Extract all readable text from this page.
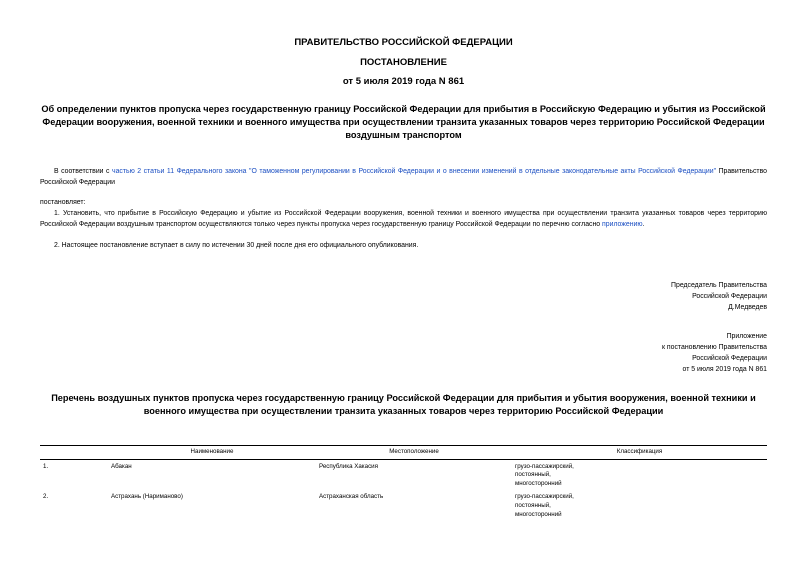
ПРАВИТЕЛЬСТВО РОССИЙСКОЙ ФЕДЕРАЦИИ
ПОСТАНОВЛЕНИЕ
от 5 июля 2019 года N 861
Об определении пунктов пропуска через государственную границу Российской Федерации для прибытия в Российскую Федерацию и убытия из Российской Федерации вооружения, военной техники и военного имущества при осуществлении транзита указанных товаров через территорию Российской Федерации воздушным транспортом
В соответствии с частью 2 статьи 11 Федерального закона "О таможенном регулировании в Российской Федерации и о внесении изменений в отдельные законодательные акты Российской Федерации" Правительство Российской Федерации
постановляет:
1. Установить, что прибытие в Российскую Федерацию и убытие из Российской Федерации вооружения, военной техники и военного имущества при осуществлении транзита указанных товаров через территорию Российской Федерации воздушным транспортом осуществляются только через пункты пропуска через государственную границу Российской Федерации по перечню согласно приложению.
2. Настоящее постановление вступает в силу по истечении 30 дней после дня его официального опубликования.
Председатель Правительства
Российской Федерации
Д.Медведев
Приложение
к постановлению Правительства
Российской Федерации
от 5 июля 2019 года N 861
Перечень воздушных пунктов пропуска через государственную границу Российской Федерации для прибытия и убытия вооружения, военной техники и военного имущества при осуществлении транзита указанных товаров через территорию Российской Федерации
	Наименование	Местоположение	Классификация
1.	Абакан	Республика Хакасия	грузо-пассажирский,
постоянный,
многосторонний

2.	Астрахань (Нариманово)	Астраханская область	грузо-пассажирский,
постоянный,
многосторонний
